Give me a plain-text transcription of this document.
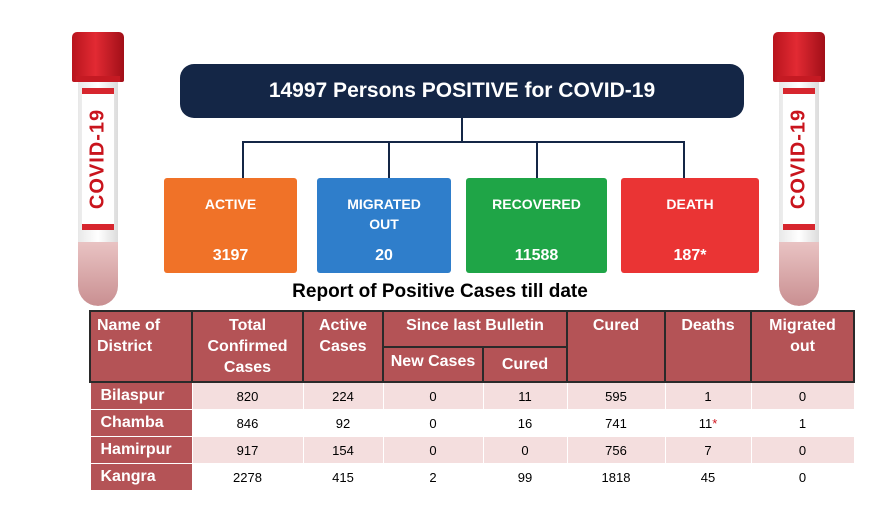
COVID-19	COVID-19
14997 Persons POSITIVE for COVID-19
ACTIVE
3197
MIGRATED
OUT
20
RECOVERED
11588
DEATH
187*
Report of Positive Cases till date
Name of District	Total Confirmed Cases	Active Cases	Since last Bulletin		Cured	Deaths	Migrated out
			New Cases	Cured			
Bilaspur	820	224	0	11	595	1	0
Chamba	846	92	0	16	741	11*	1
Hamirpur	917	154	0	0	756	7	0
Kangra	2278	415	2	99	1818	45	0
